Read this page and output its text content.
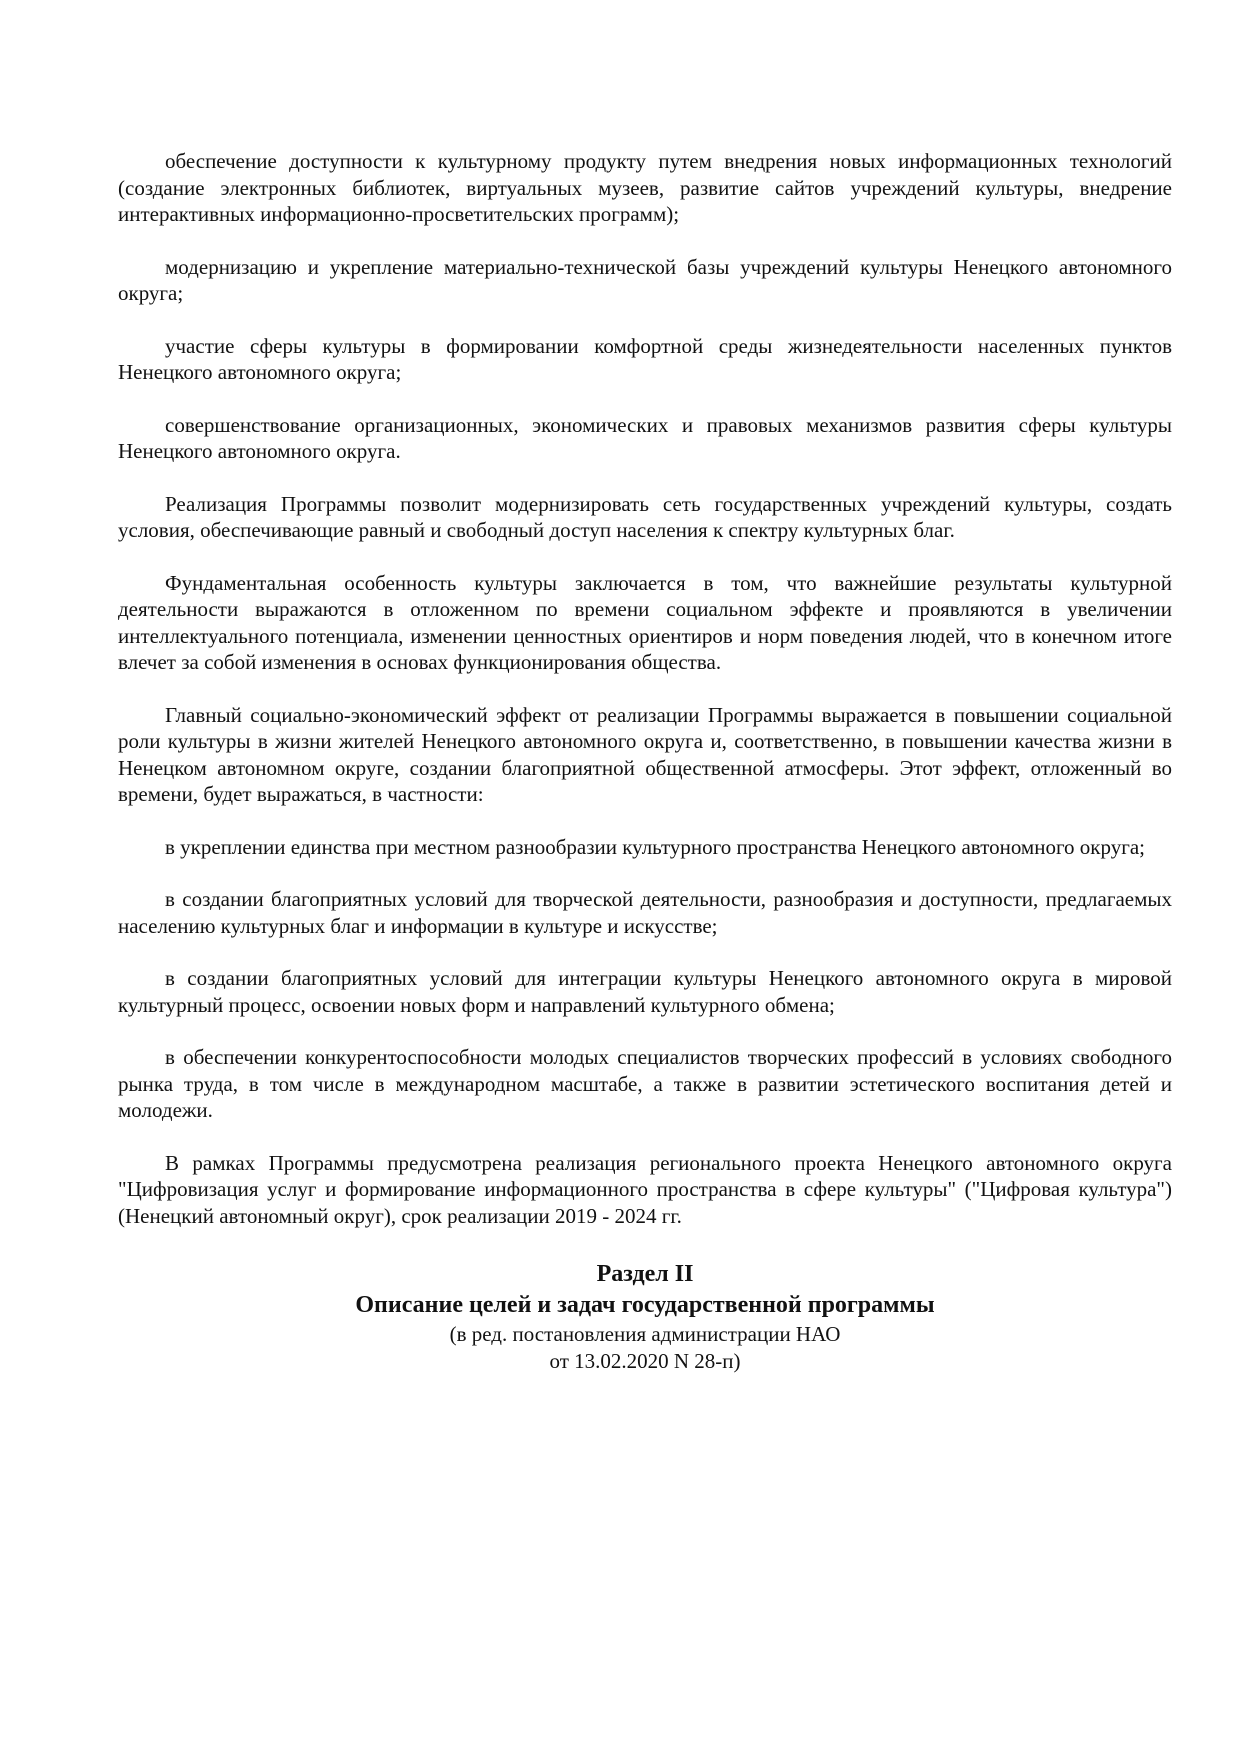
обеспечение доступности к культурному продукту путем внедрения новых информационных технологий (создание электронных библиотек, виртуальных музеев, развитие сайтов учреждений культуры, внедрение интерактивных информационно-просветительских программ);

модернизацию и укрепление материально-технической базы учреждений культуры Ненецкого автономного округа;

участие сферы культуры в формировании комфортной среды жизнедеятельности населенных пунктов Ненецкого автономного округа;

совершенствование организационных, экономических и правовых механизмов развития сферы культуры Ненецкого автономного округа.

Реализация Программы позволит модернизировать сеть государственных учреждений культуры, создать условия, обеспечивающие равный и свободный доступ населения к спектру культурных благ.

Фундаментальная особенность культуры заключается в том, что важнейшие результаты культурной деятельности выражаются в отложенном по времени социальном эффекте и проявляются в увеличении интеллектуального потенциала, изменении ценностных ориентиров и норм поведения людей, что в конечном итоге влечет за собой изменения в основах функционирования общества.

Главный социально-экономический эффект от реализации Программы выражается в повышении социальной роли культуры в жизни жителей Ненецкого автономного округа и, соответственно, в повышении качества жизни в Ненецком автономном округе, создании благоприятной общественной атмосферы. Этот эффект, отложенный во времени, будет выражаться, в частности:

в укреплении единства при местном разнообразии культурного пространства Ненецкого автономного округа;

в создании благоприятных условий для творческой деятельности, разнообразия и доступности, предлагаемых населению культурных благ и информации в культуре и искусстве;

в создании благоприятных условий для интеграции культуры Ненецкого автономного округа в мировой культурный процесс, освоении новых форм и направлений культурного обмена;

в обеспечении конкурентоспособности молодых специалистов творческих профессий в условиях свободного рынка труда, в том числе в международном масштабе, а также в развитии эстетического воспитания детей и молодежи.

В рамках Программы предусмотрена реализация регионального проекта Ненецкого автономного округа "Цифровизация услуг и формирование информационного пространства в сфере культуры" ("Цифровая культура") (Ненецкий автономный округ), срок реализации 2019 - 2024 гг.

Раздел II
Описание целей и задач государственной программы
(в ред. постановления администрации НАО
от 13.02.2020 N 28-п)
